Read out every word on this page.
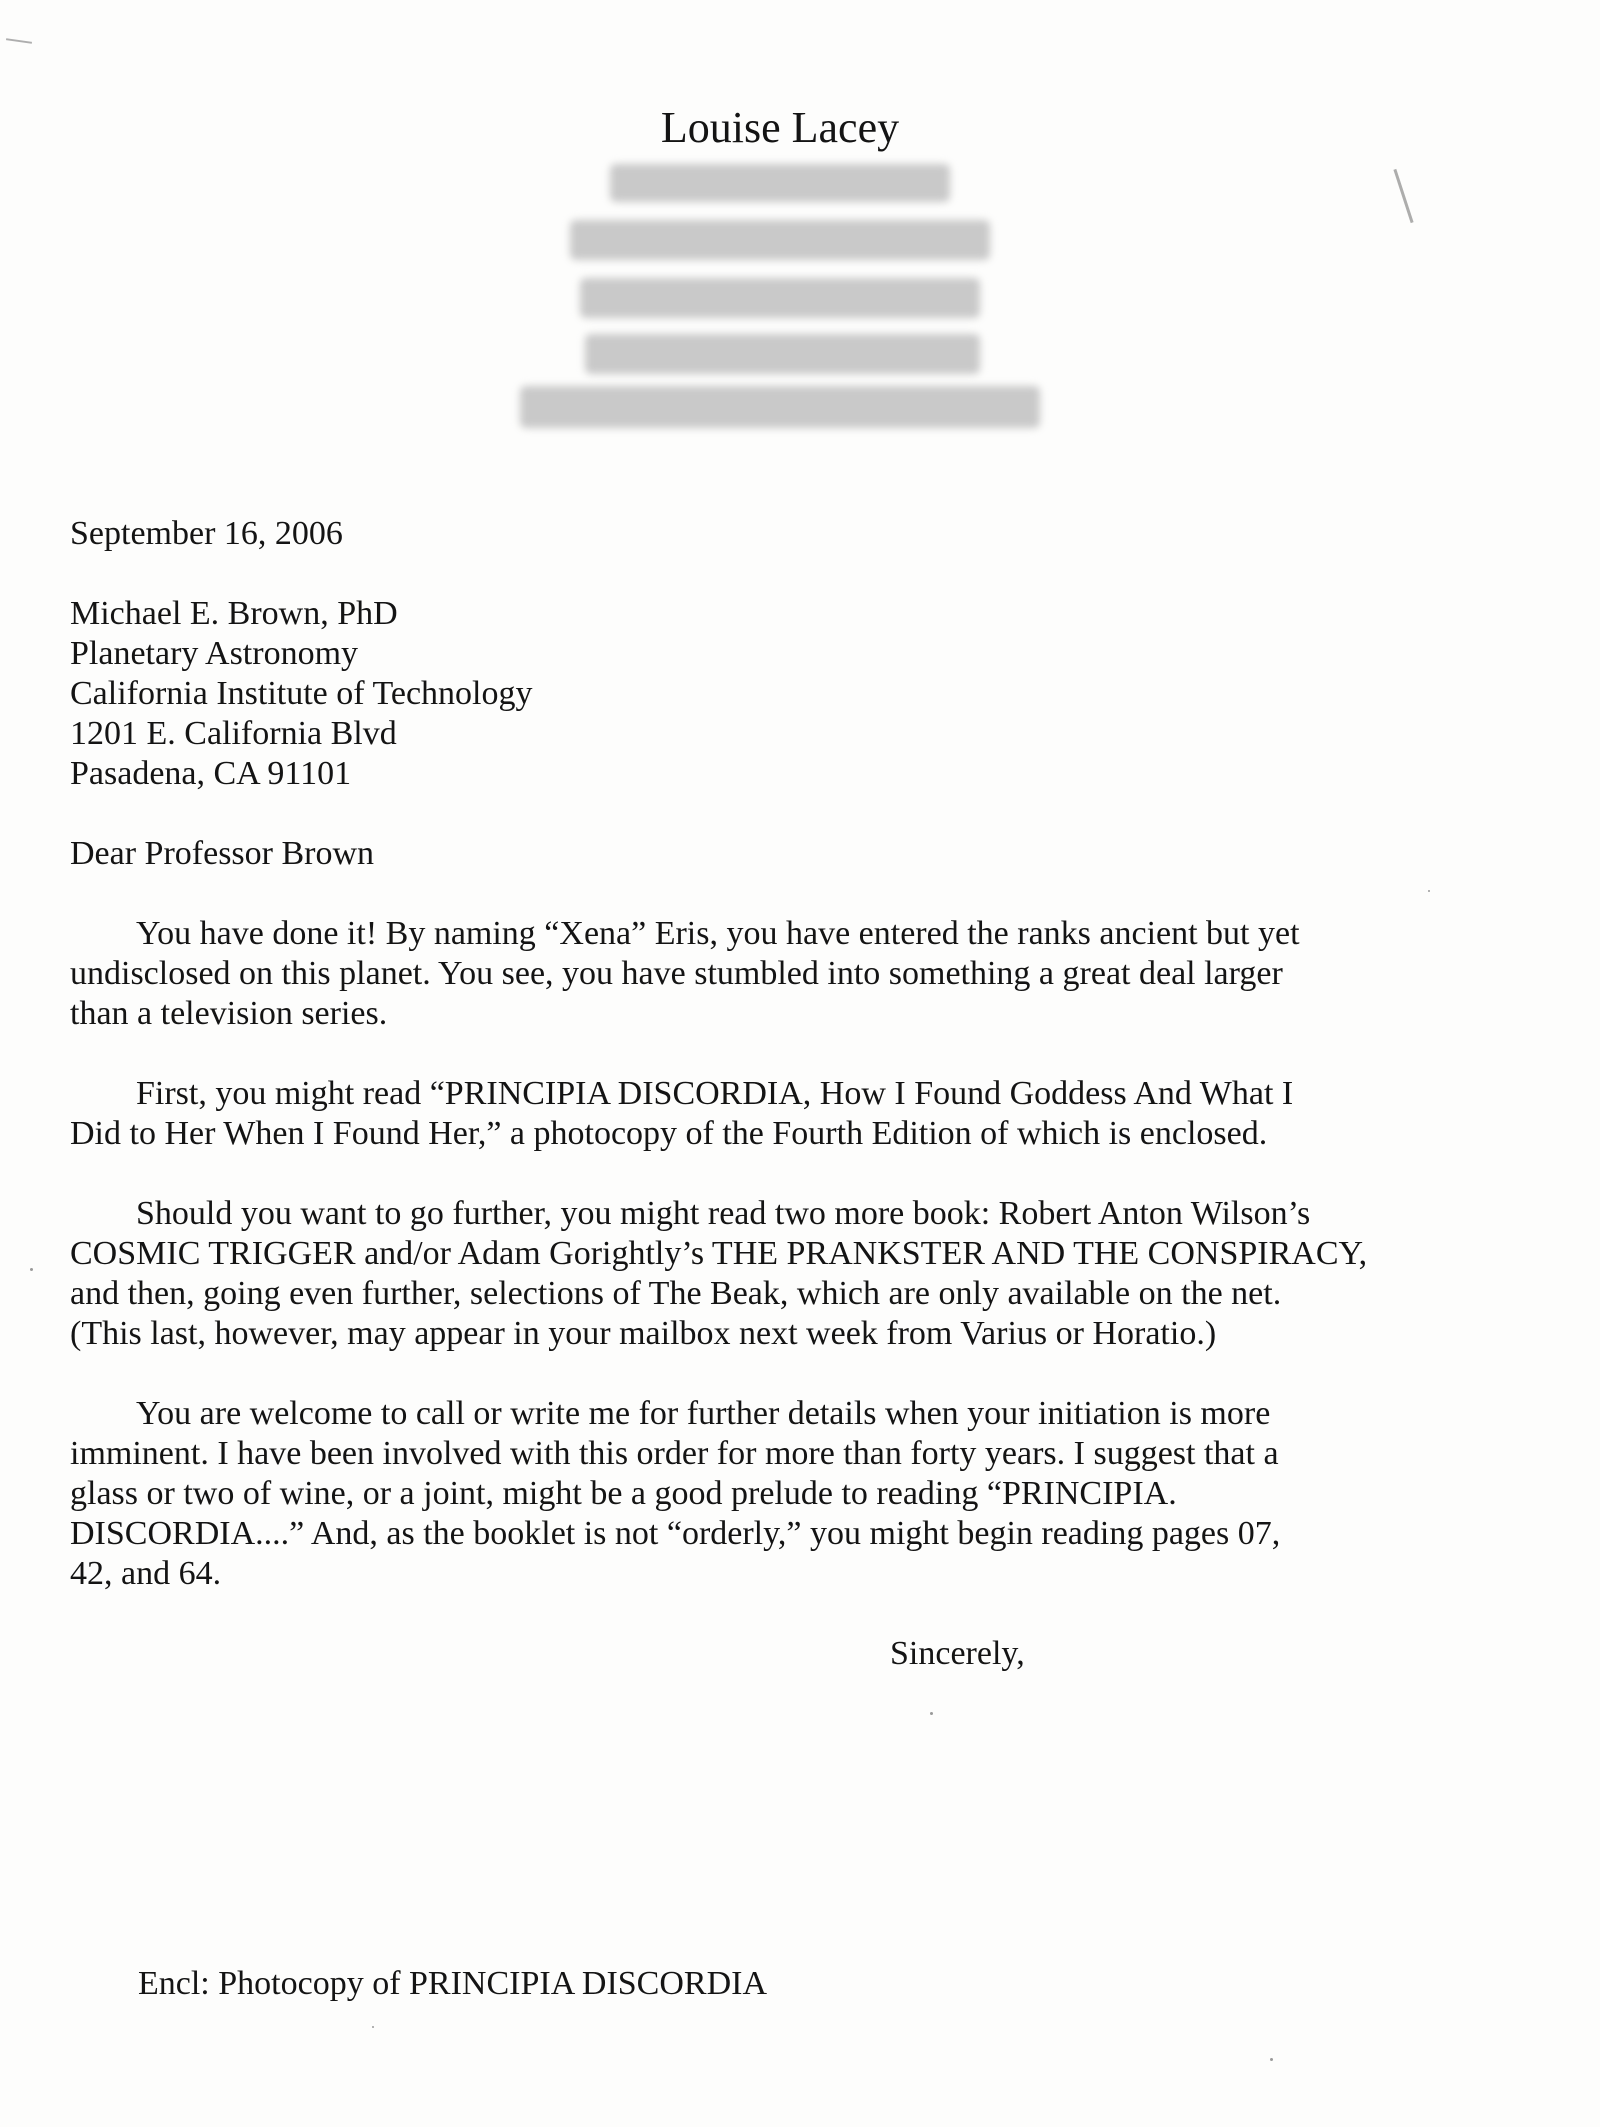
Louise Lacey
September 16, 2006
Michael E. Brown, PhD
Planetary Astronomy
California Institute of Technology
1201 E. California Blvd
Pasadena, CA 91101
Dear Professor Brown
You have done it! By naming “Xena” Eris, you have entered the ranks ancient but yet
undisclosed on this planet. You see, you have stumbled into something a great deal larger
than a television series.
First, you might read “PRINCIPIA DISCORDIA, How I Found Goddess And What I
Did to Her When I Found Her,” a photocopy of the Fourth Edition of which is enclosed.
Should you want to go further, you might read two more book: Robert Anton Wilson’s
COSMIC TRIGGER and/or Adam Gorightly’s THE PRANKSTER AND THE CONSPIRACY,
and then, going even further, selections of The Beak, which are only available on the net.
(This last, however, may appear in your mailbox next week from Varius or Horatio.)
You are welcome to call or write me for further details when your initiation is more
imminent. I have been involved with this order for more than forty years. I suggest that a
glass or two of wine, or a joint, might be a good prelude to reading “PRINCIPIA.
DISCORDIA....” And, as the booklet is not “orderly,” you might begin reading pages 07,
42, and 64.
Sincerely,
Encl: Photocopy of PRINCIPIA DISCORDIA
